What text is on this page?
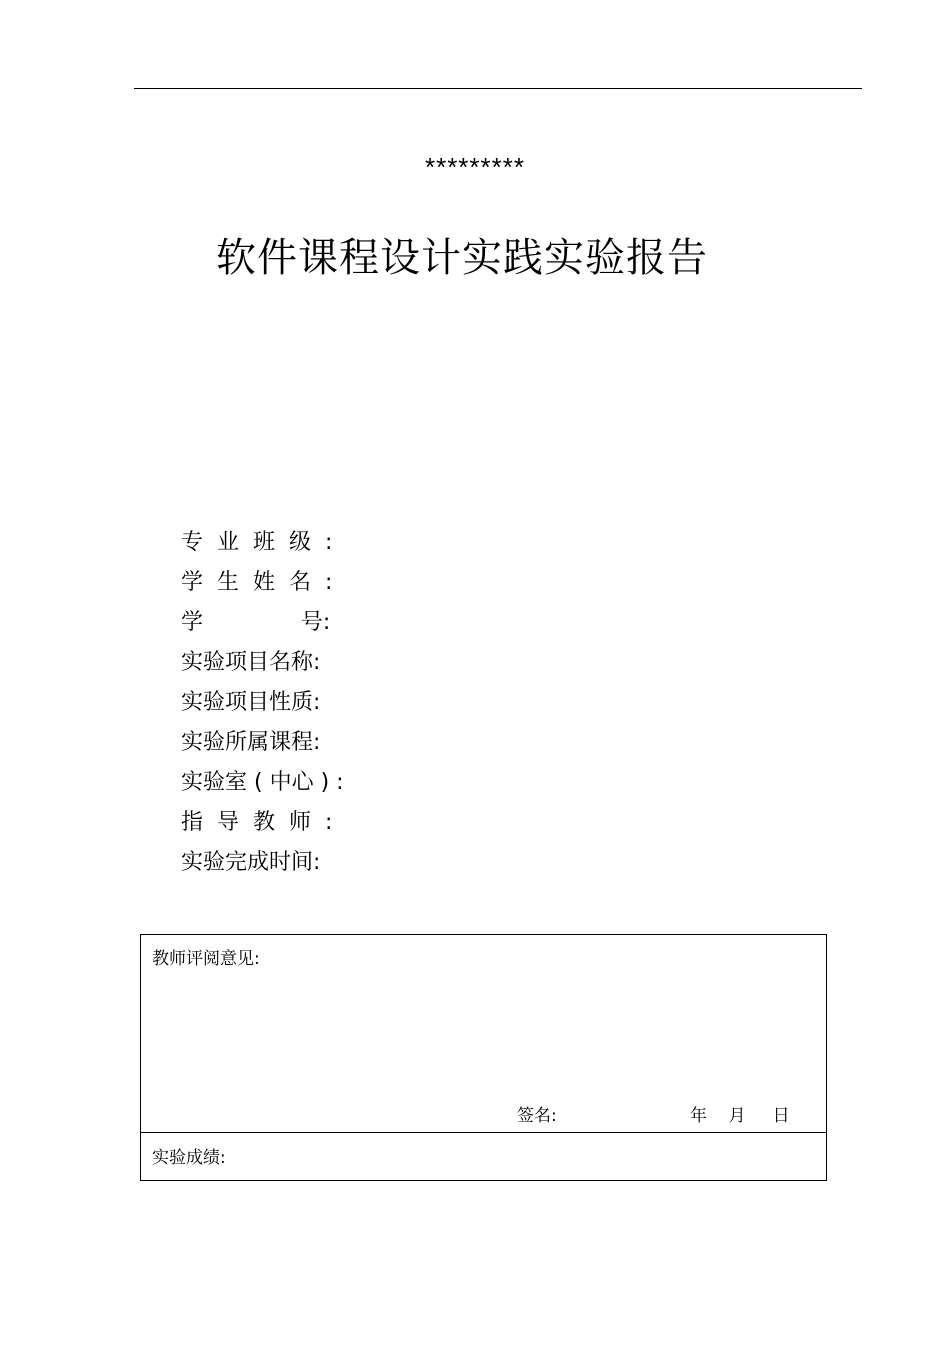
*********
软件课程设计实践实验报告
专  业  班  级  :
学  生  姓  名  :
学              号:
实验项目名称:
实验项目性质:
实验所属课程:
实验室 ( 中心 ) :
指  导  教  师  :
实验完成时间:
教师评阅意见:
签名:	年    月     日
实验成绩:
